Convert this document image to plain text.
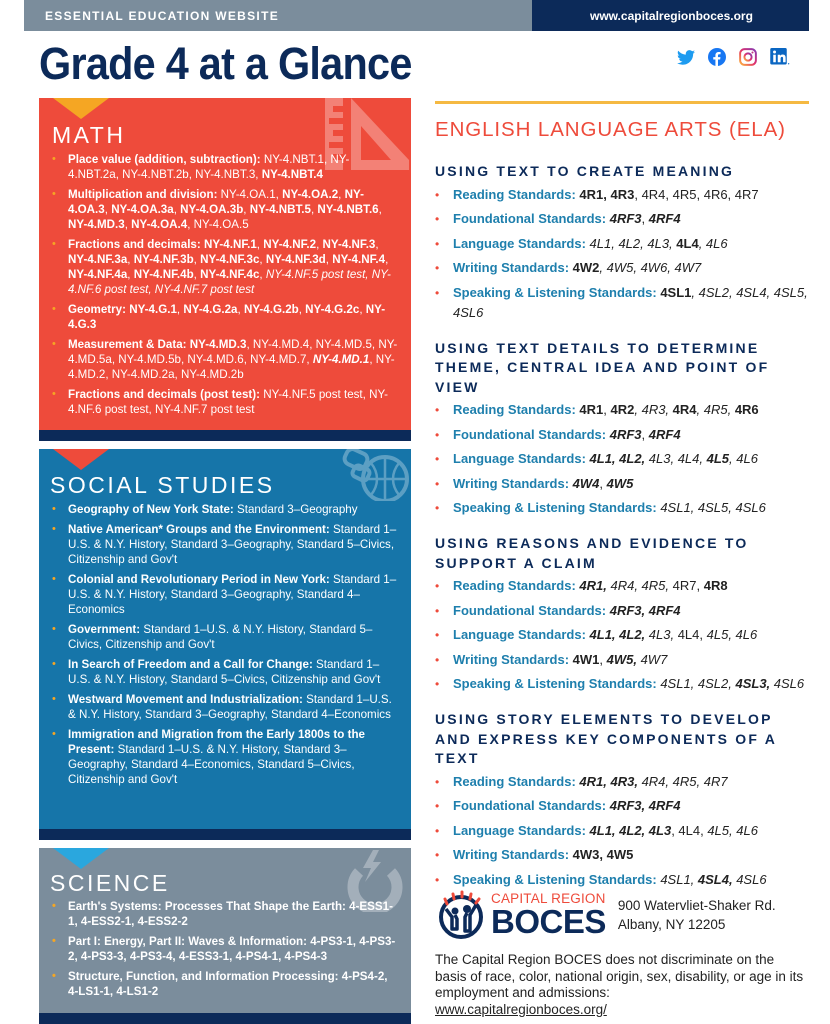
ESSENTIAL EDUCATION WEBSITE	www.capitalregionboces.org
Grade 4 at a Glance
MATH
• Place value (addition, subtraction): NY-4.NBT.1, NY-4.NBT.2a, NY-4.NBT.2b, NY-4.NBT.3, NY-4.NBT.4
• Multiplication and division: NY-4.OA.1, NY-4.OA.2, NY-4.OA.3, NY-4.OA.3a, NY-4.OA.3b, NY-4.NBT.5, NY-4.NBT.6, NY-4.MD.3, NY-4.OA.4, NY-4.OA.5
• Fractions and decimals: NY-4.NF.1, NY-4.NF.2, NY-4.NF.3, NY-4.NF.3a, NY-4.NF.3b, NY-4.NF.3c, NY-4.NF.3d, NY-4.NF.4, NY-4.NF.4a, NY-4.NF.4b, NY-4.NF.4c, NY-4.NF.5 post test, NY-4.NF.6 post test, NY-4.NF.7 post test
• Geometry: NY-4.G.1, NY-4.G.2a, NY-4.G.2b, NY-4.G.2c, NY-4.G.3
• Measurement & Data: NY-4.MD.3, NY-4.MD.4, NY-4.MD.5, NY-4.MD.5a, NY-4.MD.5b, NY-4.MD.6, NY-4.MD.7, NY-4.MD.1, NY-4.MD.2, NY-4.MD.2a, NY-4.MD.2b
• Fractions and decimals (post test): NY-4.NF.5 post test, NY-4.NF.6 post test, NY-4.NF.7 post test
SOCIAL STUDIES
• Geography of New York State: Standard 3–Geography
• Native American* Groups and the Environment: Standard 1–U.S. & N.Y. History, Standard 3–Geography, Standard 5–Civics, Citizenship and Gov't
• Colonial and Revolutionary Period in New York: Standard 1–U.S. & N.Y. History, Standard 3–Geography, Standard 4–Economics
• Government: Standard 1–U.S. & N.Y. History, Standard 5–Civics, Citizenship and Gov't
• In Search of Freedom and a Call for Change: Standard 1–U.S. & N.Y. History, Standard 5–Civics, Citizenship and Gov't
• Westward Movement and Industrialization: Standard 1–U.S. & N.Y. History, Standard 3–Geography, Standard 4–Economics
• Immigration and Migration from the Early 1800s to the Present: Standard 1–U.S. & N.Y. History, Standard 3–Geography, Standard 4–Economics, Standard 5–Civics, Citizenship and Gov't
SCIENCE
• Earth's Systems: Processes That Shape the Earth: 4-ESS1-1, 4-ESS2-1, 4-ESS2-2
• Part I: Energy, Part II: Waves & Information: 4-PS3-1, 4-PS3-2, 4-PS3-3, 4-PS3-4, 4-ESS3-1, 4-PS4-1, 4-PS4-3
• Structure, Function, and Information Processing: 4-PS4-2, 4-LS1-1, 4-LS1-2
ENGLISH LANGUAGE ARTS (ELA)
USING TEXT TO CREATE MEANING
• Reading Standards: 4R1, 4R3, 4R4, 4R5, 4R6, 4R7
• Foundational Standards: 4RF3, 4RF4
• Language Standards: 4L1, 4L2, 4L3, 4L4, 4L6
• Writing Standards: 4W2, 4W5, 4W6, 4W7
• Speaking & Listening Standards: 4SL1, 4SL2, 4SL4, 4SL5, 4SL6
USING TEXT DETAILS TO DETERMINE THEME, CENTRAL IDEA AND POINT OF VIEW
• Reading Standards: 4R1, 4R2, 4R3, 4R4, 4R5, 4R6
• Foundational Standards: 4RF3, 4RF4
• Language Standards: 4L1, 4L2, 4L3, 4L4, 4L5, 4L6
• Writing Standards: 4W4, 4W5
• Speaking & Listening Standards: 4SL1, 4SL5, 4SL6
USING REASONS AND EVIDENCE TO SUPPORT A CLAIM
• Reading Standards: 4R1, 4R4, 4R5, 4R7, 4R8
• Foundational Standards: 4RF3, 4RF4
• Language Standards: 4L1, 4L2, 4L3, 4L4, 4L5, 4L6
• Writing Standards: 4W1, 4W5, 4W7
• Speaking & Listening Standards: 4SL1, 4SL2, 4SL3, 4SL6
USING STORY ELEMENTS TO DEVELOP AND EXPRESS KEY COMPONENTS OF A TEXT
• Reading Standards: 4R1, 4R3, 4R4, 4R5, 4R7
• Foundational Standards: 4RF3, 4RF4
• Language Standards: 4L1, 4L2, 4L3, 4L4, 4L5, 4L6
• Writing Standards: 4W3, 4W5
• Speaking & Listening Standards: 4SL1, 4SL4, 4SL6
CAPITAL REGION
BOCES 900 Watervliet-Shaker Rd.
Albany, NY 12205

The Capital Region BOCES does not discriminate on the basis of race, color, national origin, sex, disability, or age in its employment and admissions:
www.capitalregionboces.org/
